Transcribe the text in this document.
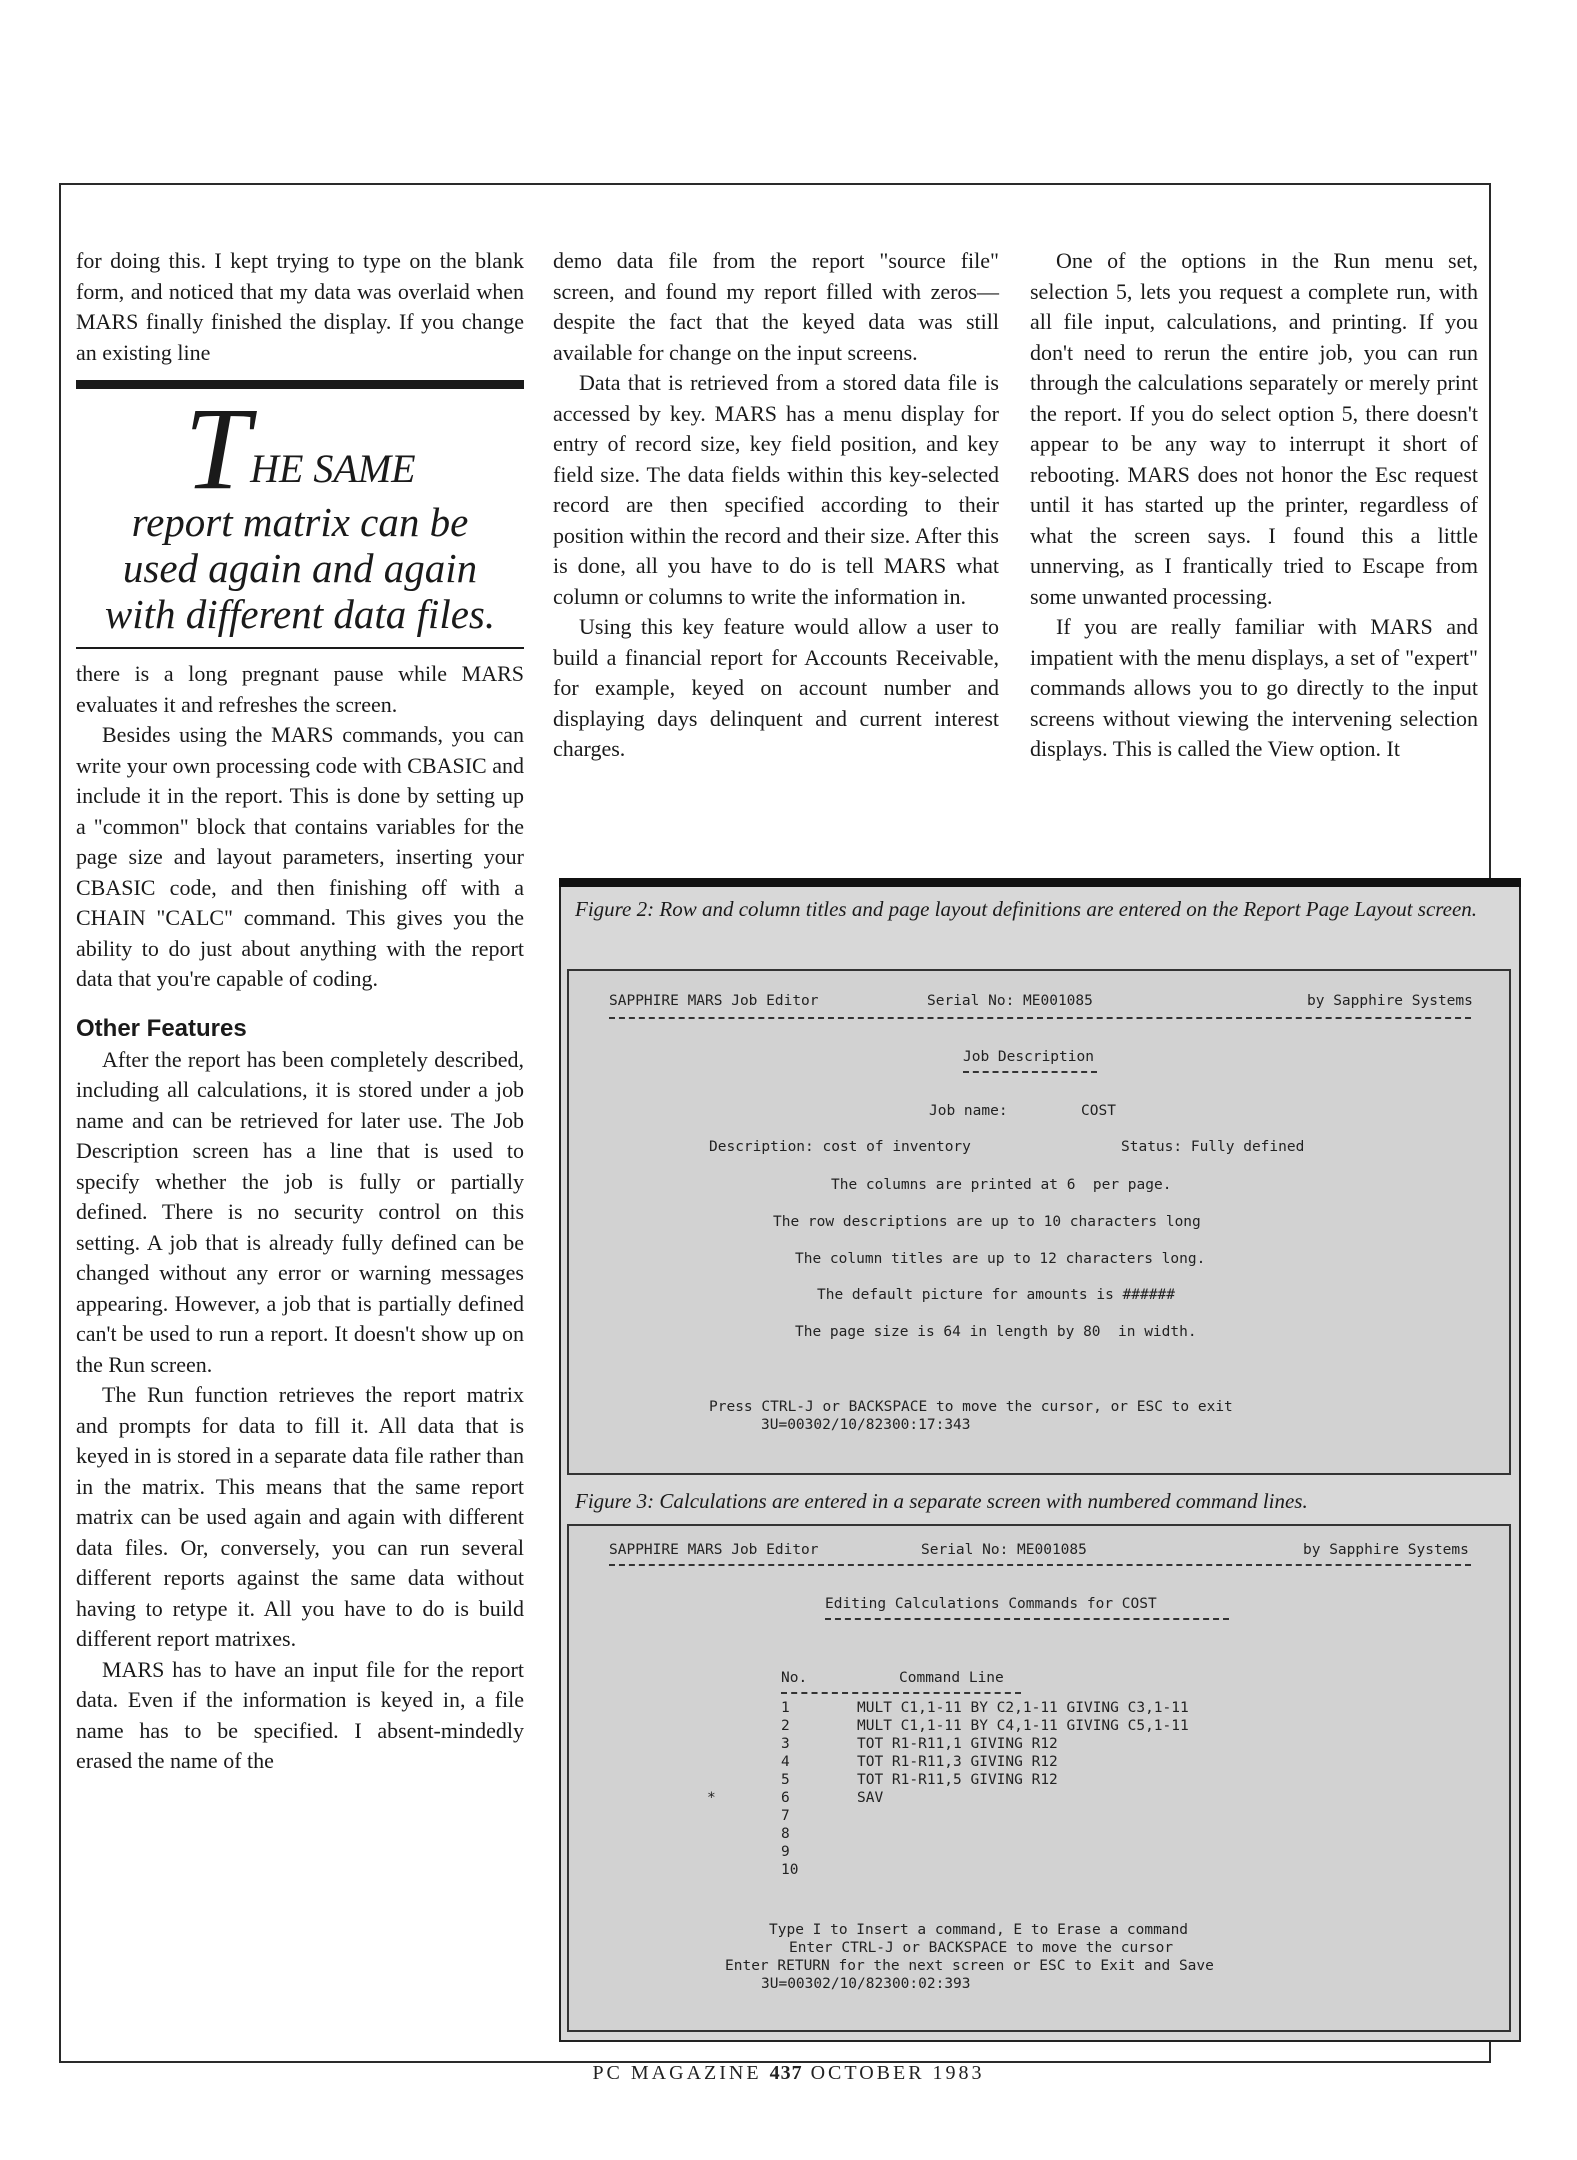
for doing this. I kept trying to type on the blank form, and noticed that my data was overlaid when MARS finally finished the display. If you change an existing line

THE SAME
report matrix can be
used again and again
with different data files.

there is a long pregnant pause while MARS evaluates it and refreshes the screen.

Besides using the MARS commands, you can write your own processing code with CBASIC and include it in the report. This is done by setting up a "common" block that contains variables for the page size and layout parameters, inserting your CBASIC code, and then finishing off with a CHAIN "CALC" command. This gives you the ability to do just about anything with the report data that you're capable of coding.

Other Features

After the report has been completely described, including all calculations, it is stored under a job name and can be retrieved for later use. The Job Description screen has a line that is used to specify whether the job is fully or partially defined. There is no security control on this setting. A job that is already fully defined can be changed without any error or warning messages appearing. However, a job that is partially defined can't be used to run a report. It doesn't show up on the Run screen.

The Run function retrieves the report matrix and prompts for data to fill it. All data that is keyed in is stored in a separate data file rather than in the matrix. This means that the same report matrix can be used again and again with different data files. Or, conversely, you can run several different reports against the same data without having to retype it. All you have to do is build different report matrixes.

MARS has to have an input file for the report data. Even if the information is keyed in, a file name has to be specified. I absent-mindedly erased the name of the

demo data file from the report "source file" screen, and found my report filled with zeros—despite the fact that the keyed data was still available for change on the input screens.

Data that is retrieved from a stored data file is accessed by key. MARS has a menu display for entry of record size, key field position, and key field size. The data fields within this key-selected record are then specified according to their position within the record and their size. After this is done, all you have to do is tell MARS what column or columns to write the information in.

Using this key feature would allow a user to build a financial report for Accounts Receivable, for example, keyed on account number and displaying days delinquent and current interest charges.

One of the options in the Run menu set, selection 5, lets you request a complete run, with all file input, calculations, and printing. If you don't need to rerun the entire job, you can run through the calculations separately or merely print the report. If you do select option 5, there doesn't appear to be any way to interrupt it short of rebooting. MARS does not honor the Esc request until it has started up the printer, regardless of what the screen says. I found this a little unnerving, as I frantically tried to Escape from some unwanted processing.

If you are really familiar with MARS and impatient with the menu displays, a set of "expert" commands allows you to go directly to the input screens without viewing the intervening selection displays. This is called the View option. It

Figure 2: Row and column titles and page layout definitions are entered on the Report Page Layout screen.
SAPPHIRE MARS Job Editor	Serial No: ME001085	by Sapphire Systems
Job Description
Job name:	COST
Description: cost of inventory	Status: Fully defined
The columns are printed at 6  per page.
The row descriptions are up to 10 characters long
The column titles are up to 12 characters long.
The default picture for amounts is ######
The page size is 64 in length by 80  in width.
Press CTRL-J or BACKSPACE to move the cursor, or ESC to exit
3U=00302/10/82300:17:343
Figure 3: Calculations are entered in a separate screen with numbered command lines.
SAPPHIRE MARS Job Editor	Serial No: ME001085	by Sapphire Systems
Editing Calculations Commands for COST
No.	Command Line
*
Type I to Insert a command, E to Erase a command
Enter CTRL-J or BACKSPACE to move the cursor
Enter RETURN for the next screen or ESC to Exit and Save
3U=00302/10/82300:02:393
1	MULT C1,1-11 BY C2,1-11 GIVING C3,1-11
2	MULT C1,1-11 BY C4,1-11 GIVING C5,1-11
3	TOT R1-R11,1 GIVING R12
4	TOT R1-R11,3 GIVING R12
5	TOT R1-R11,5 GIVING R12
6	SAV
7
8
9
10
PC MAGAZINE 437 OCTOBER 1983
